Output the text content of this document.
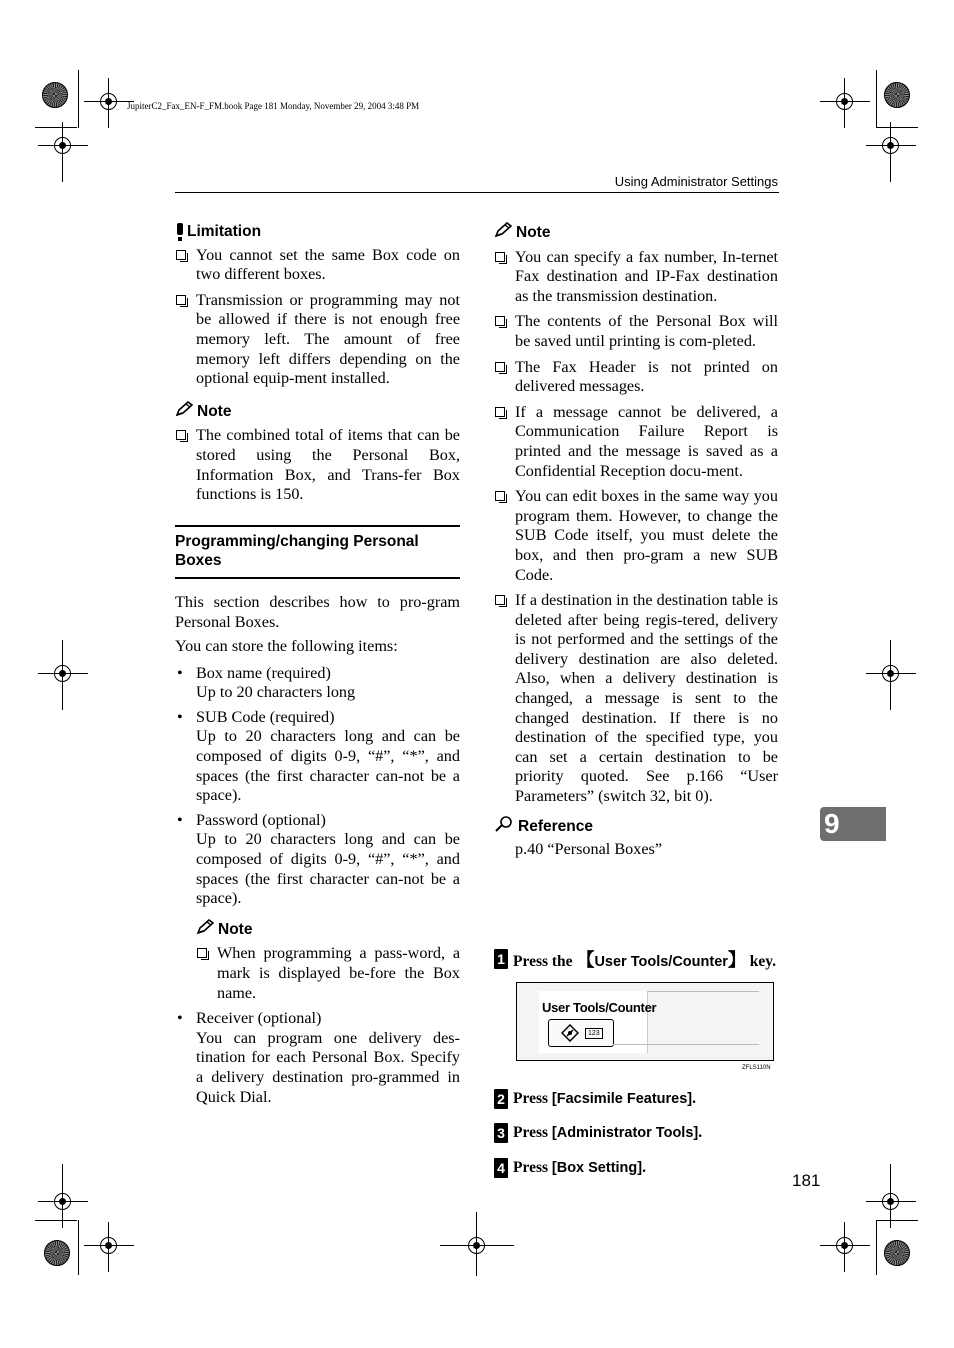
JupiterC2_Fax_EN-F_FM.book Page 181 Monday, November 29, 2004 3:48 PM
Using Administrator Settings
Limitation
You cannot set the same Box code on two different boxes.
Transmission or programming may not be allowed if there is not enough free memory left. The amount of free memory left differs depending on the optional equip-ment installed.
Note
The combined total of items that can be stored using the Personal Box, Information Box, and Trans-fer Box functions is 150.
Programming/changing Personal Boxes
This section describes how to pro-gram Personal Boxes.
You can store the following items:
• Box name (required)
Up to 20 characters long
• SUB Code (required)
Up to 20 characters long and can be composed of digits 0-9, “#”, “*”, and spaces (the first character can-not be a space).
• Password (optional)
Up to 20 characters long and can be composed of digits 0-9, “#”, “*”, and spaces (the first character can-not be a space).
Note
When programming a pass-word, a mark is displayed be-fore the Box name.
• Receiver (optional)
You can program one delivery des-tination for each Personal Box. Specify a delivery destination pro-grammed in Quick Dial.
Note
You can specify a fax number, In-ternet Fax destination and IP-Fax destination as the transmission destination.
The contents of the Personal Box will be saved until printing is com-pleted.
The Fax Header is not printed on delivered messages.
If a message cannot be delivered, a Communication Failure Report is printed and the message is saved as a Confidential Reception docu-ment.
You can edit boxes in the same way you program them. However, to change the SUB Code itself, you must delete the box, and then pro-gram a new SUB Code.
If a destination in the destination table is deleted after being regis-tered, delivery is not performed and the settings of the delivery destination are also deleted. Also, when a delivery destination is changed, a message is sent to the changed destination. If there is no destination of the specified type, you can set a certain destination to be priority quoted. See p.166 “User Parameters” (switch 32, bit 0).
Reference
p.40 “Personal Boxes”
1 Press the 【User Tools/Counter】 key.
User Tools/Counter
123
ZFLS110N
2 Press [Facsimile Features].
3 Press [Administrator Tools].
4 Press [Box Setting].
9
181
